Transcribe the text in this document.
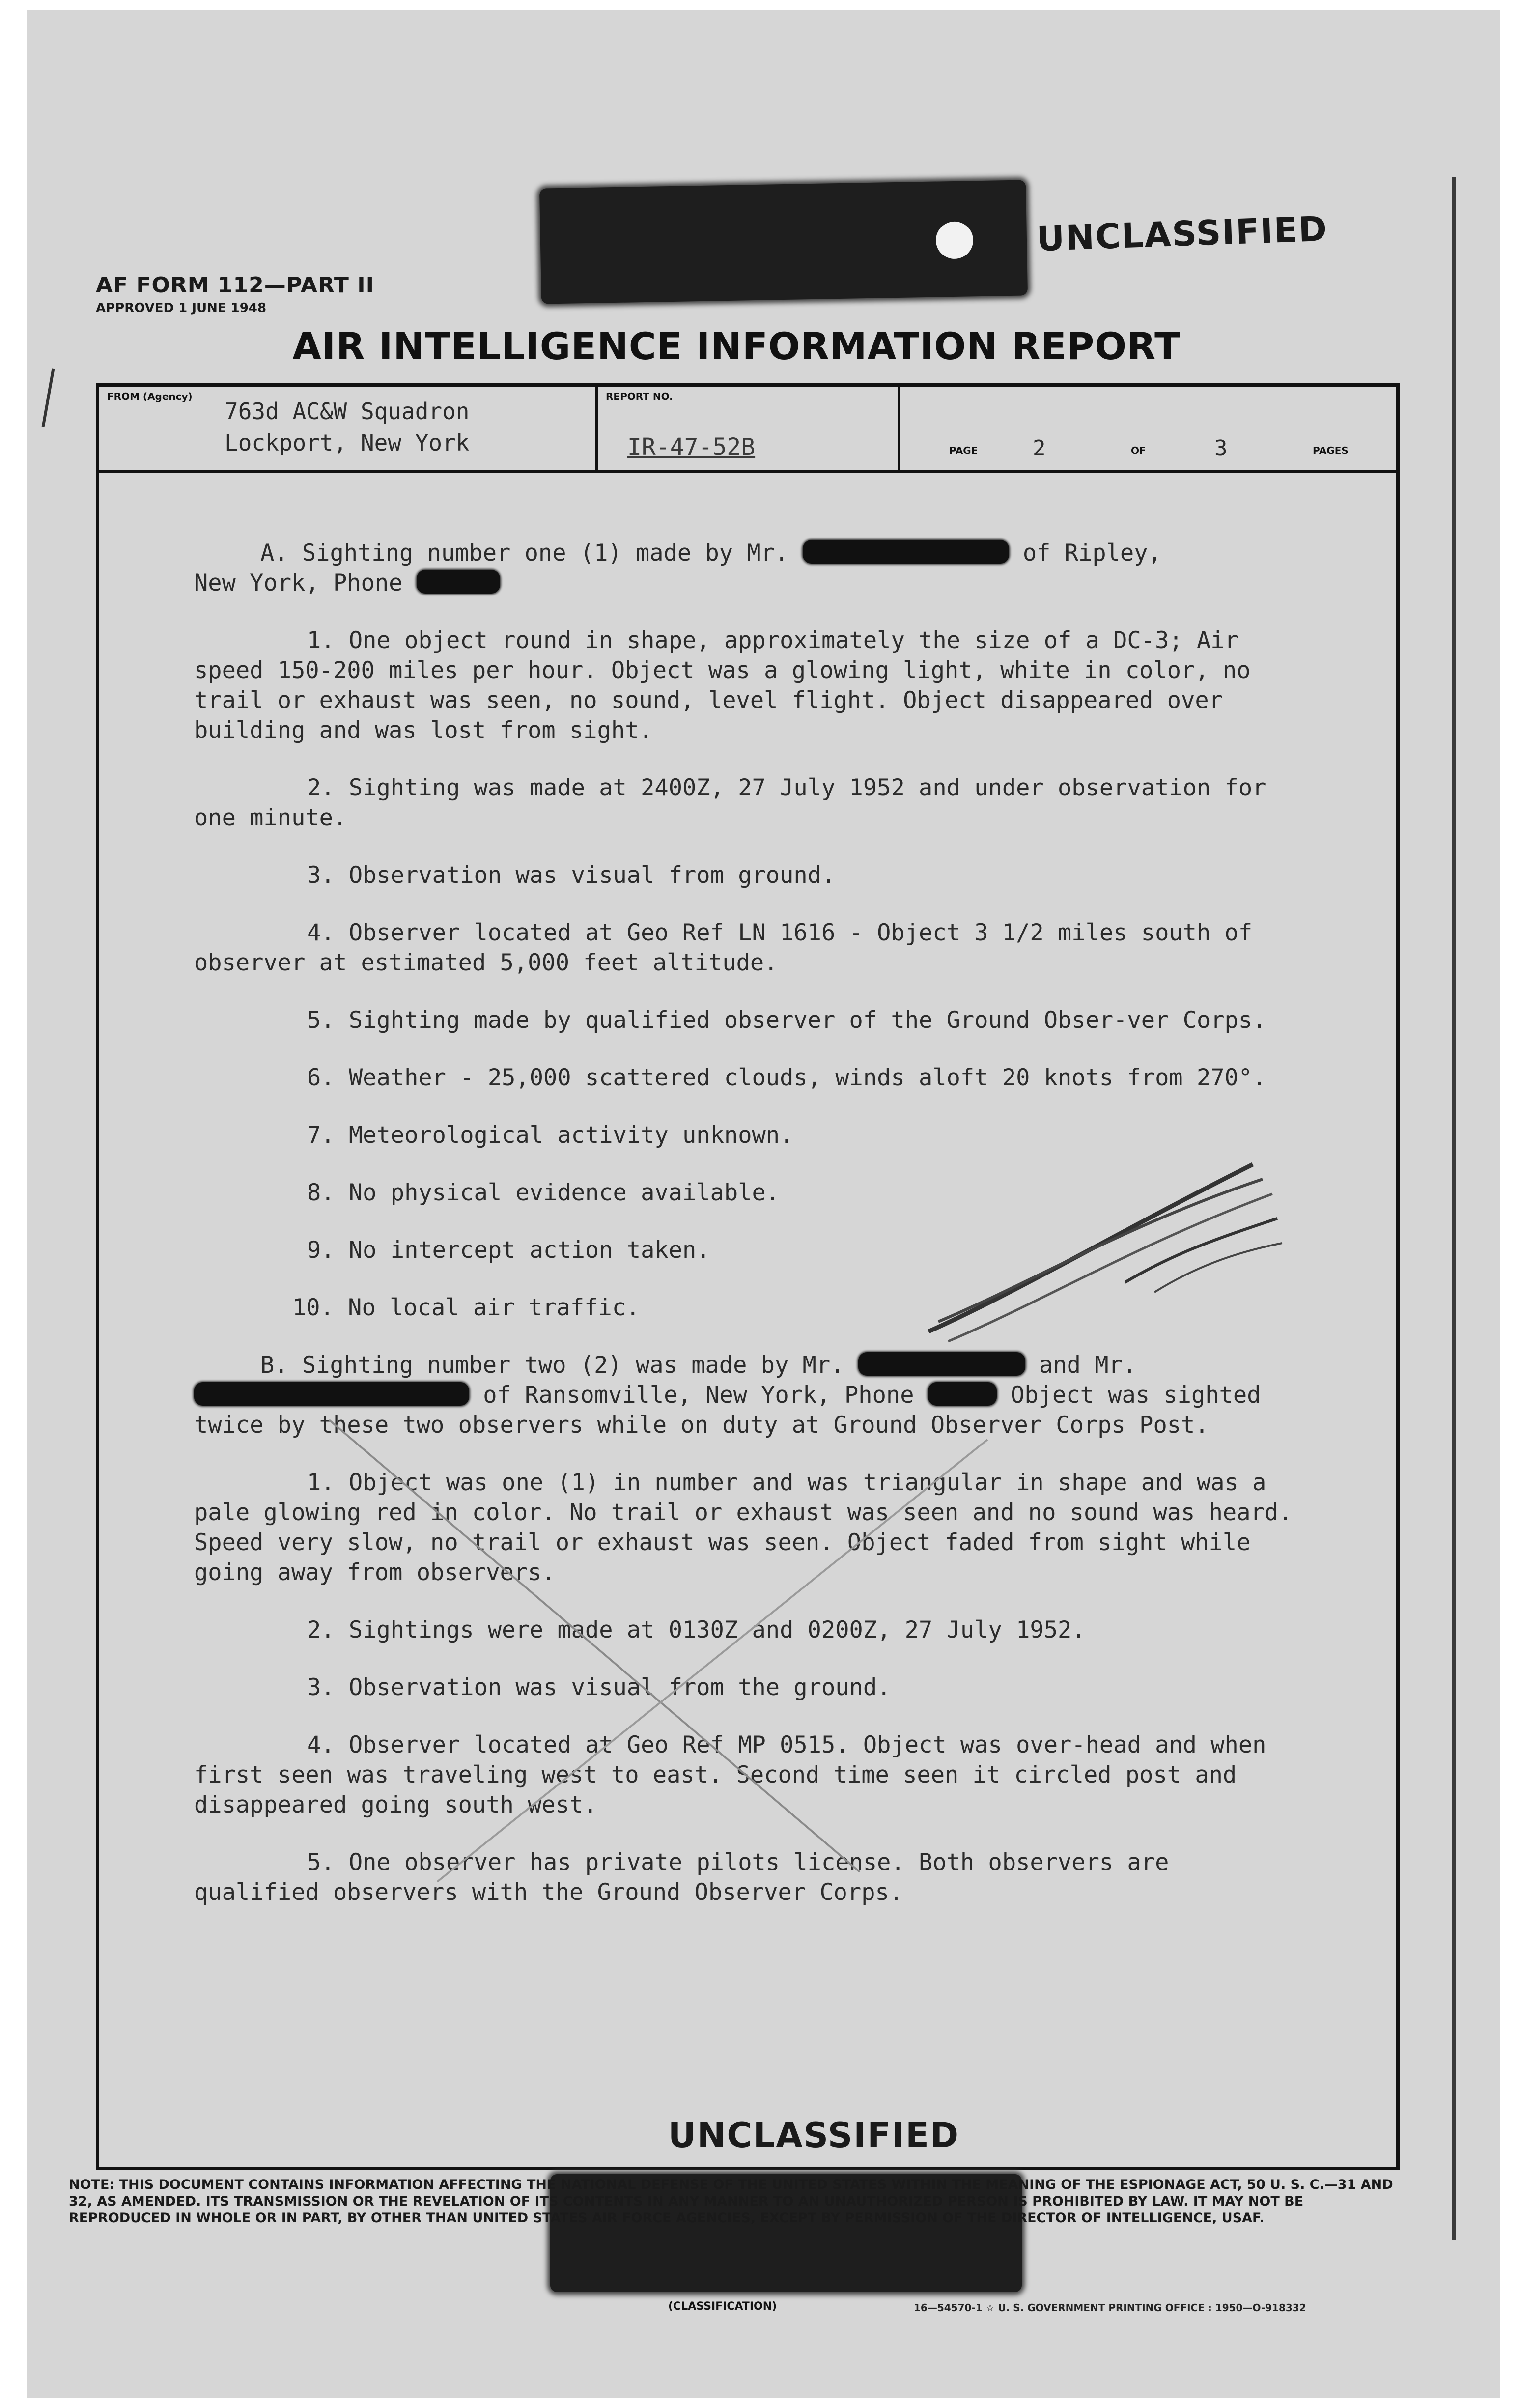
UNCLASSIFIED
AF FORM 112—PART II
APPROVED 1 JUNE 1948
AIR INTELLIGENCE INFORMATION REPORT
FROM (Agency)
763d AC&W Squadron
Lockport, New York
REPORT NO.
IR-47-52B	PAGE	2	OF	3	PAGES

A. Sighting number one (1) made by Mr.	of Ripley,
New York, Phone

1. One object round in shape, approximately the size of a DC-3; Air speed 150-200 miles per hour. Object was a glowing light, white in color, no trail or exhaust was seen, no sound, level flight. Object disappeared over building and was lost from sight.

2. Sighting was made at 2400Z, 27 July 1952 and under observation for one minute.

3. Observation was visual from ground.

4. Observer located at Geo Ref LN 1616 - Object 3 1/2 miles south of observer at estimated 5,000 feet altitude.

5. Sighting made by qualified observer of the Ground Obser-ver Corps.

6. Weather - 25,000 scattered clouds, winds aloft 20 knots from 270°.

7. Meteorological activity unknown.

8. No physical evidence available.

9. No intercept action taken.

10. No local air traffic.

B. Sighting number two (2) was made by Mr.	and Mr.
of Ransomville, New York, Phone	Object was sighted twice by these two observers while on duty at Ground Observer Corps Post.

1. Object was one (1) in number and was triangular in shape and was a pale glowing red in color. No trail or exhaust was seen and no sound was heard. Speed very slow, no trail or exhaust was seen. Object faded from sight while going away from observers.

2. Sightings were made at 0130Z and 0200Z, 27 July 1952.

3. Observation was visual from the ground.

4. Observer located at Geo Ref MP 0515. Object was over-head and when first seen was traveling west to east. Second time seen it circled post and disappeared going south west.

5. One observer has private pilots license. Both observers are qualified observers with the Ground Observer Corps.

UNCLASSIFIED
NOTE: THIS DOCUMENT CONTAINS INFORMATION AFFECTING THE NATIONAL DEFENSE OF THE UNITED STATES WITHIN THE MEANING OF THE ESPIONAGE ACT, 50 U. S. C.—31 AND 32, AS AMENDED. ITS TRANSMISSION OR THE REVELATION OF ITS CONTENTS IN ANY MANNER TO AN UNAUTHORIZED PERSON IS PROHIBITED BY LAW. IT MAY NOT BE REPRODUCED IN WHOLE OR IN PART, BY OTHER THAN UNITED STATES AIR FORCE AGENCIES, EXCEPT BY PERMISSION OF THE DIRECTOR OF INTELLIGENCE, USAF.
(CLASSIFICATION)	16—54570-1 ☆ U. S. GOVERNMENT PRINTING OFFICE : 1950—O-918332
